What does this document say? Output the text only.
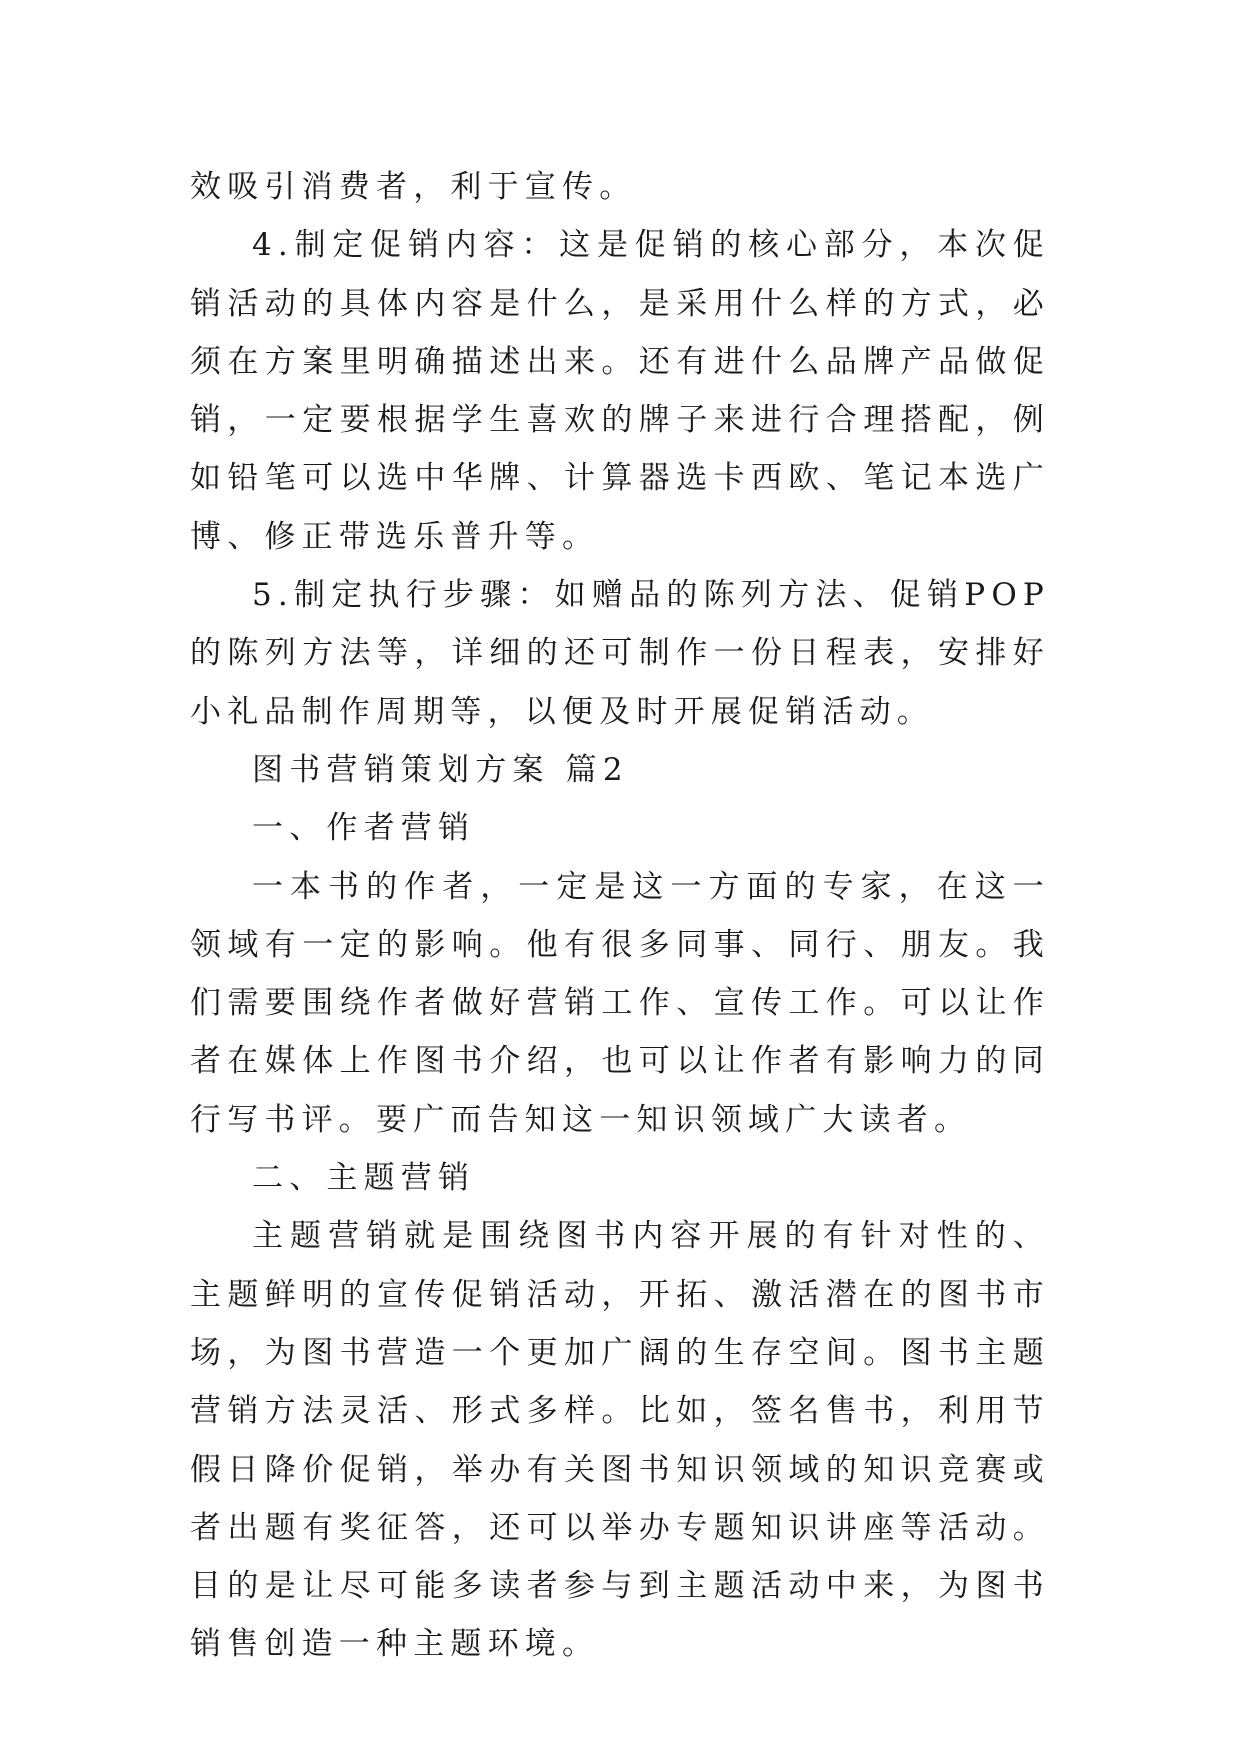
效吸引消费者，利于宣传。

4.制定促销内容：这是促销的核心部分，本次促销活动的具体内容是什么，是采用什么样的方式，必须在方案里明确描述出来。还有进什么品牌产品做促销，一定要根据学生喜欢的牌子来进行合理搭配，例如铅笔可以选中华牌、计算器选卡西欧、笔记本选广博、修正带选乐普升等。

5.制定执行步骤：如赠品的陈列方法、促销POP的陈列方法等，详细的还可制作一份日程表，安排好小礼品制作周期等，以便及时开展促销活动。

图书营销策划方案 篇2

一、作者营销

一本书的作者，一定是这一方面的专家，在这一领域有一定的影响。他有很多同事、同行、朋友。我们需要围绕作者做好营销工作、宣传工作。可以让作者在媒体上作图书介绍，也可以让作者有影响力的同行写书评。要广而告知这一知识领域广大读者。

二、主题营销

主题营销就是围绕图书内容开展的有针对性的、主题鲜明的宣传促销活动，开拓、激活潜在的图书市场，为图书营造一个更加广阔的生存空间。图书主题营销方法灵活、形式多样。比如，签名售书，利用节假日降价促销，举办有关图书知识领域的知识竞赛或者出题有奖征答，还可以举办专题知识讲座等活动。目的是让尽可能多读者参与到主题活动中来，为图书销售创造一种主题环境。
